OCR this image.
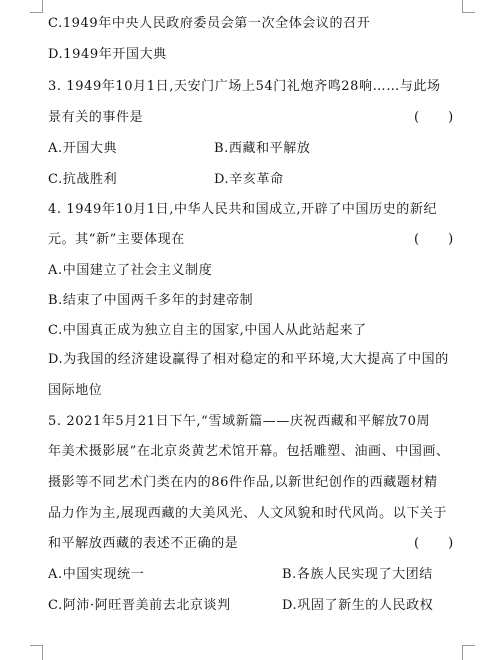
C.1949年中央人民政府委员会第一次全体会议的召开
D.1949年开国大典
3. 1949年10月1日,天安门广场上54门礼炮齐鸣28响……与此场
景有关的事件是	(      )
A.开国大典	B.西藏和平解放
C.抗战胜利	D.辛亥革命
4. 1949年10月1日,中华人民共和国成立,开辟了中国历史的新纪
元。其“新”主要体现在	(      )
A.中国建立了社会主义制度
B.结束了中国两千多年的封建帝制
C.中国真正成为独立自主的国家,中国人从此站起来了
D.为我国的经济建设赢得了相对稳定的和平环境,大大提高了中国的
国际地位
5. 2021年5月21日下午,“雪域新篇——庆祝西藏和平解放70周
年美术摄影展”在北京炎黄艺术馆开幕。包括雕塑、油画、中国画、
摄影等不同艺术门类在内的86件作品,以新世纪创作的西藏题材精
品力作为主,展现西藏的大美风光、人文风貌和时代风尚。以下关于
和平解放西藏的表述不正确的是	(      )
A.中国实现统一	B.各族人民实现了大团结
C.阿沛·阿旺晋美前去北京谈判	D.巩固了新生的人民政权
